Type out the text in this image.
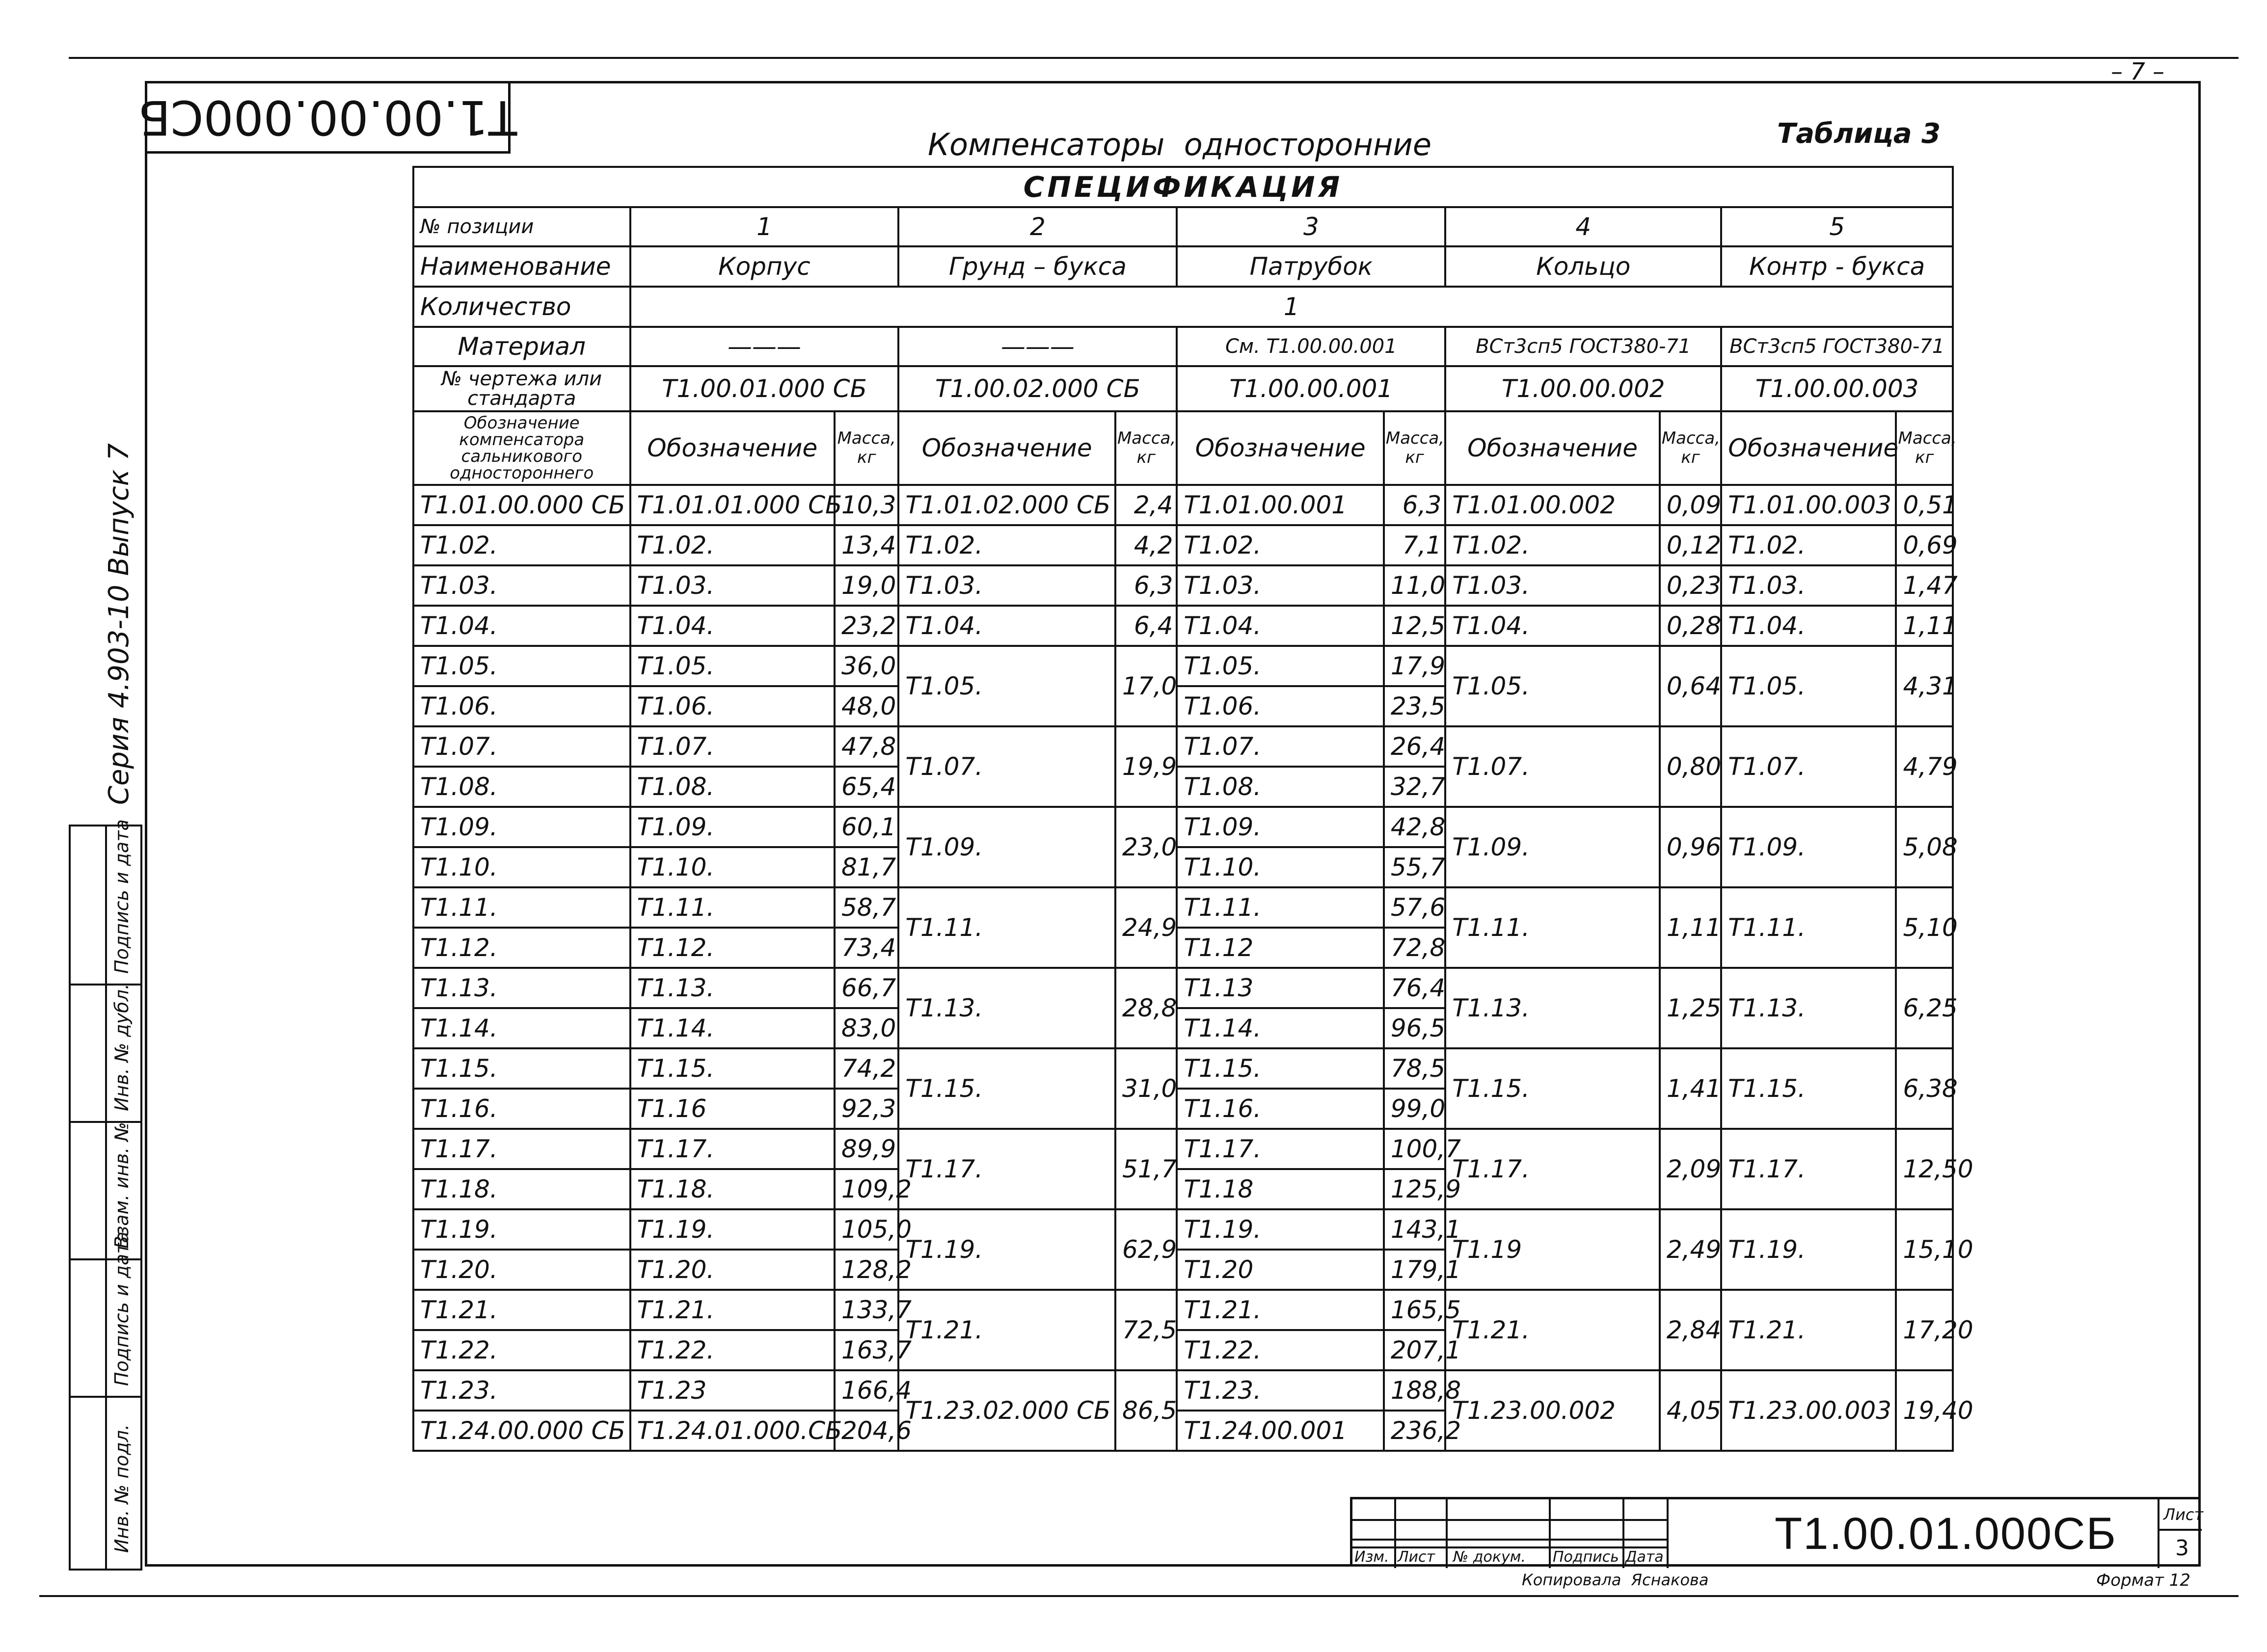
– 7 –
Т1.00.00.000СБ	Компенсаторы  односторонние	Таблица 3
Серия 4.903-10 Выпуск 7
Подпись и дата
Инв. № дубл.
Взам. инв. №
Подпись и дата
Инв. № подл.
СПЕЦИФИКАЦИЯ										
№ позиции	1		2		3		4		5	
Наименование	Корпус		Грунд – букса		Патрубок		Кольцо		Контр - букса	
Количество	1									
Материал	———		———		См. Т1.00.00.001		ВСт3сп5 ГОСТ380-71		ВСт3сп5 ГОСТ380-71	
№ чертежа или стандарта	Т1.00.01.000 СБ		Т1.00.02.000 СБ		Т1.00.00.001		Т1.00.00.002		Т1.00.00.003	
Обозначение компенсатора сальникового одностороннего	Обозначение	Масса, кг	Обозначение	Масса, кг	Обозначение	Масса, кг	Обозначение	Масса, кг	Обозначение	Масса, кг
Т1.01.00.000 СБ	Т1.01.01.000 СБ	10,3	Т1.01.02.000 СБ	2,4	Т1.01.00.001	6,3	Т1.01.00.002	0,09	Т1.01.00.003	0,51
Т1.02.	Т1.02.	13,4	Т1.02.	4,2	Т1.02.	7,1	Т1.02.	0,12	Т1.02.	0,69
Т1.03.	Т1.03.	19,0	Т1.03.	6,3	Т1.03.	11,0	Т1.03.	0,23	Т1.03.	1,47
Т1.04.	Т1.04.	23,2	Т1.04.	6,4	Т1.04.	12,5	Т1.04.	0,28	Т1.04.	1,11
Т1.05.	Т1.05.	36,0	Т1.05.	17,0	Т1.05.	17,9	Т1.05.	0,64	Т1.05.	4,31
Т1.06.	Т1.06.	48,0			Т1.06.	23,5				
Т1.07.	Т1.07.	47,8	Т1.07.	19,9	Т1.07.	26,4	Т1.07.	0,80	Т1.07.	4,79
Т1.08.	Т1.08.	65,4			Т1.08.	32,7				
Т1.09.	Т1.09.	60,1	Т1.09.	23,0	Т1.09.	42,8	Т1.09.	0,96	Т1.09.	5,08
Т1.10.	Т1.10.	81,7			Т1.10.	55,7				
Т1.11.	Т1.11.	58,7	Т1.11.	24,9	Т1.11.	57,6	Т1.11.	1,11	Т1.11.	5,10
Т1.12.	Т1.12.	73,4			Т1.12	72,8				
Т1.13.	Т1.13.	66,7	Т1.13.	28,8	Т1.13	76,4	Т1.13.	1,25	Т1.13.	6,25
Т1.14.	Т1.14.	83,0			Т1.14.	96,5				
Т1.15.	Т1.15.	74,2	Т1.15.	31,0	Т1.15.	78,5	Т1.15.	1,41	Т1.15.	6,38
Т1.16.	Т1.16	92,3			Т1.16.	99,0				
Т1.17.	Т1.17.	89,9	Т1.17.	51,7	Т1.17.	100,7	Т1.17.	2,09	Т1.17.	12,50
Т1.18.	Т1.18.	109,2			Т1.18	125,9				
Т1.19.	Т1.19.	105,0	Т1.19.	62,9	Т1.19.	143,1	Т1.19	2,49	Т1.19.	15,10
Т1.20.	Т1.20.	128,2			Т1.20	179,1				
Т1.21.	Т1.21.	133,7	Т1.21.	72,5	Т1.21.	165,5	Т1.21.	2,84	Т1.21.	17,20
Т1.22.	Т1.22.	163,7			Т1.22.	207,1				
Т1.23.	Т1.23	166,4	Т1.23.02.000 СБ	86,5	Т1.23.	188,8	Т1.23.00.002	4,05	Т1.23.00.003	19,40
Т1.24.00.000 СБ	Т1.24.01.000.СБ	204,6			Т1.24.00.001	236,2				
Изм. Лист № докум. Подпись Дата Т1.00.01.000СБ	Лист
3
Копировала  Яснакова	Формат 12
